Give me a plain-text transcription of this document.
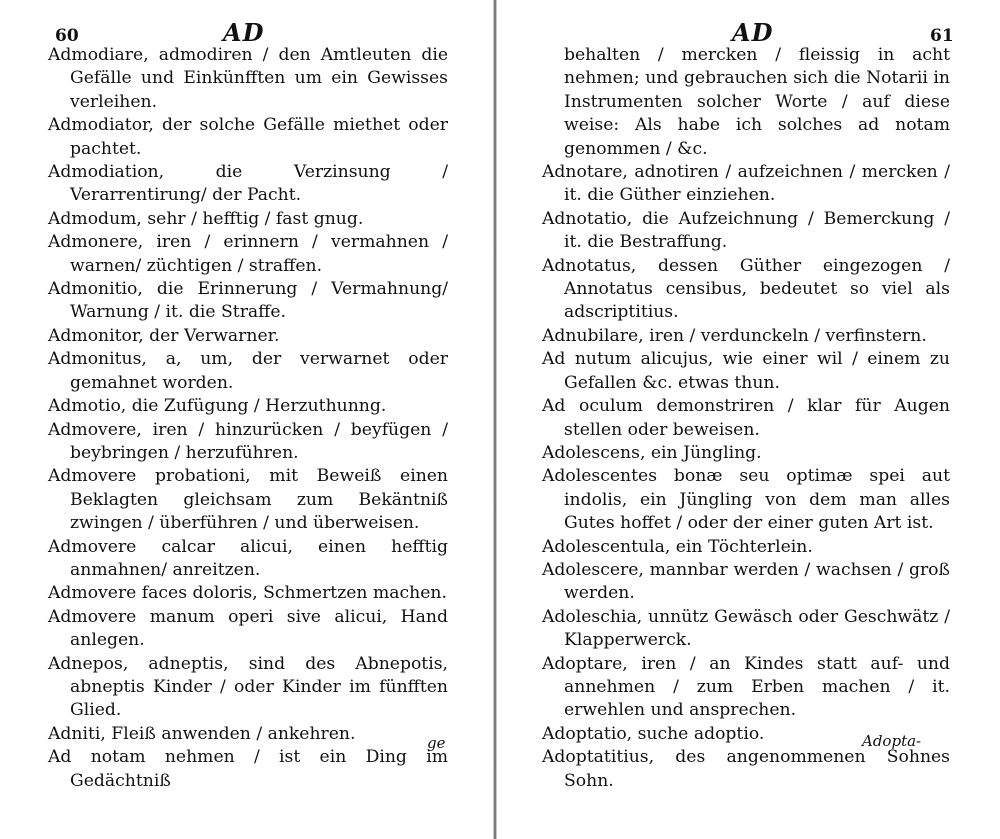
60	AD

Admodiare, admodiren / den Amtleuten die Gefälle und Einkünfften um ein Gewisses verleihen.

Admodiator, der solche Gefälle miethet oder pachtet.

Admodiation, die Verzinsung / Verarrentirung/ der Pacht.

Admodum, sehr / hefftig / fast gnug.

Admonere, iren / erinnern / vermahnen / warnen/ züchtigen / straffen.

Admonitio, die Erinnerung / Vermahnung/ Warnung / it. die Straffe.

Admonitor, der Verwarner.

Admonitus, a, um, der verwarnet oder gemahnet worden.

Admotio, die Zufügung / Herzuthunng.

Admovere, iren / hinzurücken / beyfügen / beybringen / herzuführen.

Admovere probationi, mit Beweiß einen Beklagten gleichsam zum Bekäntniß zwingen / überführen / und überweisen.

Admovere calcar alicui, einen hefftig anmahnen/ anreitzen.

Admovere faces doloris, Schmertzen machen.

Admovere manum operi sive alicui, Hand anlegen.

Adnepos, adneptis, sind des Abnepotis, abneptis Kinder / oder Kinder im fünfften Glied.

Adniti, Fleiß anwenden / ankehren.

Ad notam nehmen / ist ein Ding im Gedächtniß

ge
AD	61

behalten / mercken / fleissig in acht nehmen; und gebrauchen sich die Notarii in Instrumenten solcher Worte / auf diese weise: Als habe ich solches ad notam genommen / &c.

Adnotare, adnotiren / aufzeichnen / mercken / it. die Güther einziehen.

Adnotatio, die Aufzeichnung / Bemerckung / it. die Bestraffung.

Adnotatus, dessen Güther eingezogen / Annotatus censibus, bedeutet so viel als adscriptitius.

Adnubilare, iren / verdunckeln / verfinstern.

Ad nutum alicujus, wie einer wil / einem zu Gefallen &c. etwas thun.

Ad oculum demonstriren / klar für Augen stellen oder beweisen.

Adolescens, ein Jüngling.

Adolescentes bonæ seu optimæ spei aut indolis, ein Jüngling von dem man alles Gutes hoffet / oder der einer guten Art ist.

Adolescentula, ein Töchterlein.

Adolescere, mannbar werden / wachsen / groß werden.

Adoleschia, unnütz Gewäsch oder Geschwätz / Klapperwerck.

Adoptare, iren / an Kindes statt auf- und annehmen / zum Erben machen / it. erwehlen und ansprechen.

Adoptatio, suche adoptio.

Adoptatitius, des angenommenen Sohnes Sohn.

Adopta-
